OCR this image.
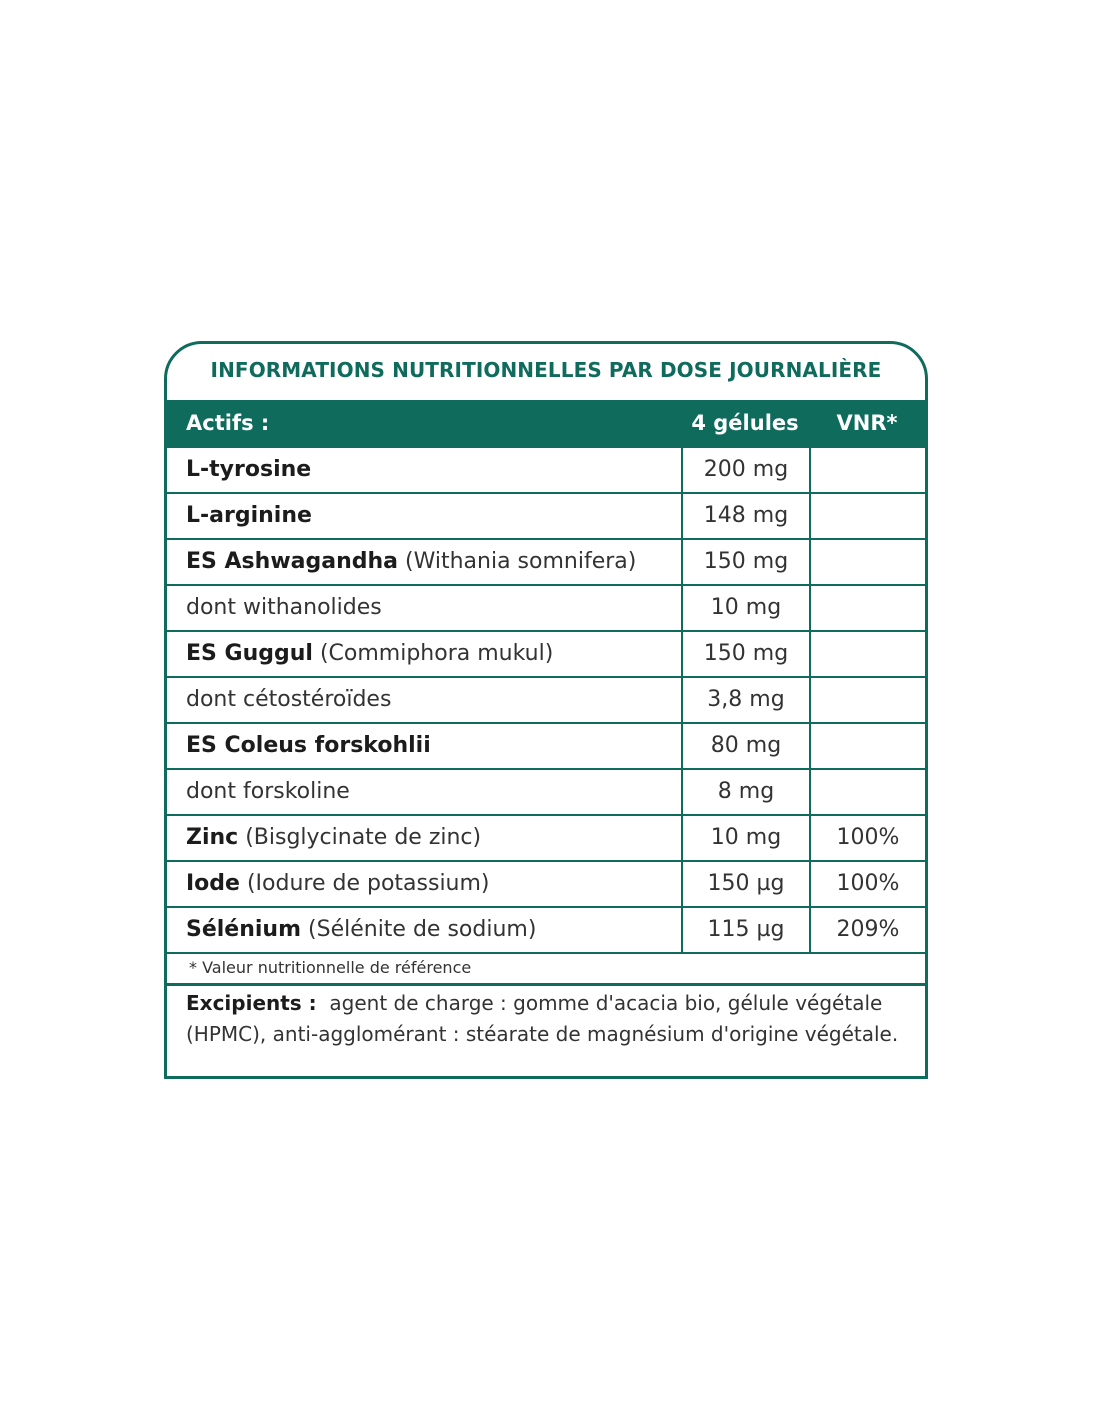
INFORMATIONS NUTRITIONNELLES PAR DOSE JOURNALIÈRE
Actifs :	4 gélules	VNR*
L-tyrosine	200 mg
L-arginine	148 mg
ES Ashwagandha (Withania somnifera)	150 mg
dont withanolides	10 mg
ES Guggul (Commiphora mukul)	150 mg
dont cétostéroïdes	3,8 mg
ES Coleus forskohlii	80 mg
dont forskoline	8 mg
Zinc (Bisglycinate de zinc)	10 mg	100%
Iode (Iodure de potassium)	150 µg	100%
Sélénium (Sélénite de sodium)	115 µg	209%
* Valeur nutritionnelle de référence
Excipients :  agent de charge : gomme d'acacia bio, gélule végétale (HPMC), anti-agglomérant : stéarate de magnésium d'origine végétale.
